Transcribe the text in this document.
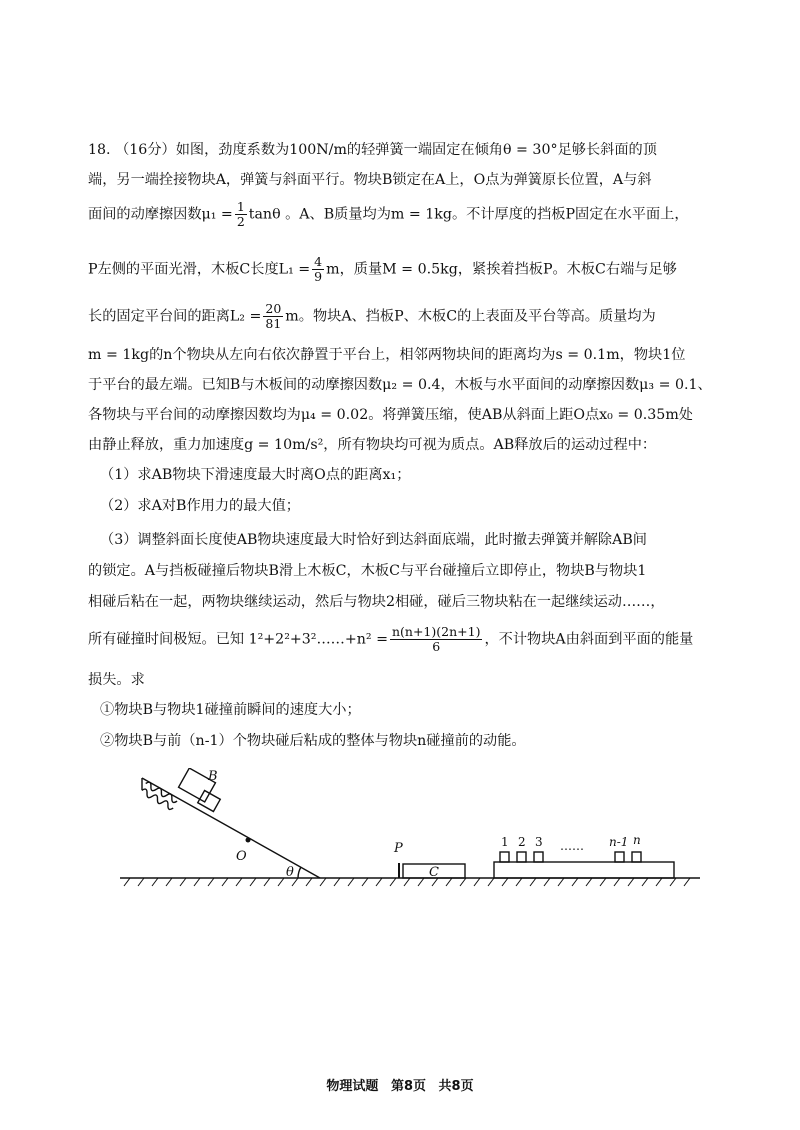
18. （16分）如图，劲度系数为100N/m的轻弹簧一端固定在倾角θ = 30°足够长斜面的顶
端，另一端拴接物块A，弹簧与斜面平行。物块B锁定在A上，O点为弹簧原长位置，A与斜
面间的动摩擦因数$\mu_1 = \frac{1}{2}$ tanθ 。A、B质量均为m = 1kg。不计厚度的挡板P固定在水平面上，
P左侧的平面光滑，木板C长度$L_1 = \frac{4}{9}$ m，质量M = 0.5kg，紧挨着挡板P。木板C右端与足够
长的固定平台间的距离$L_2 = \frac{20}{81}$ m。物块A、挡板P、木板C的上表面及平台等高。质量均为
m = 1kg的n个物块从左向右依次静置于平台上，相邻两物块间的距离均为s = 0.1m，物块1位
于平台的最左端。已知B与木板间的动摩擦因数μ₂ = 0.4，木板与水平面间的动摩擦因数μ₃ = 0.1、
各物块与平台间的动摩擦因数均为μ₄ = 0.02。将弹簧压缩，使AB从斜面上距O点x₀ = 0.35m处
由静止释放，重力加速度g = 10m/s²，所有物块均可视为质点。AB释放后的运动过程中：
（1）求AB物块下滑速度最大时离O点的距离x₁；
（2）求A对B作用力的最大值；
（3）调整斜面长度使AB物块速度最大时恰好到达斜面底端，此时撤去弹簧并解除AB间
的锁定。A与挡板碰撞后物块B滑上木板C，木板C与平台碰撞后立即停止，物块B与物块1
相碰后粘在一起，两物块继续运动，然后与物块2相碰，碰后三物块粘在一起继续运动……，
所有碰撞时间极短。已知 1²+2²+3²……+n² = $\frac{n(n+1)(2n+1)}{6}$ ，不计物块A由斜面到平面的能量
损失。求
①物块B与物块1碰撞前瞬间的速度大小；
②物块B与前（n-1）个物块碰后粘成的整体与物块n碰撞前的动能。
B
O
θ
P
C
1 2 3 …… n-1 n
物理试题 第8页 共8页
